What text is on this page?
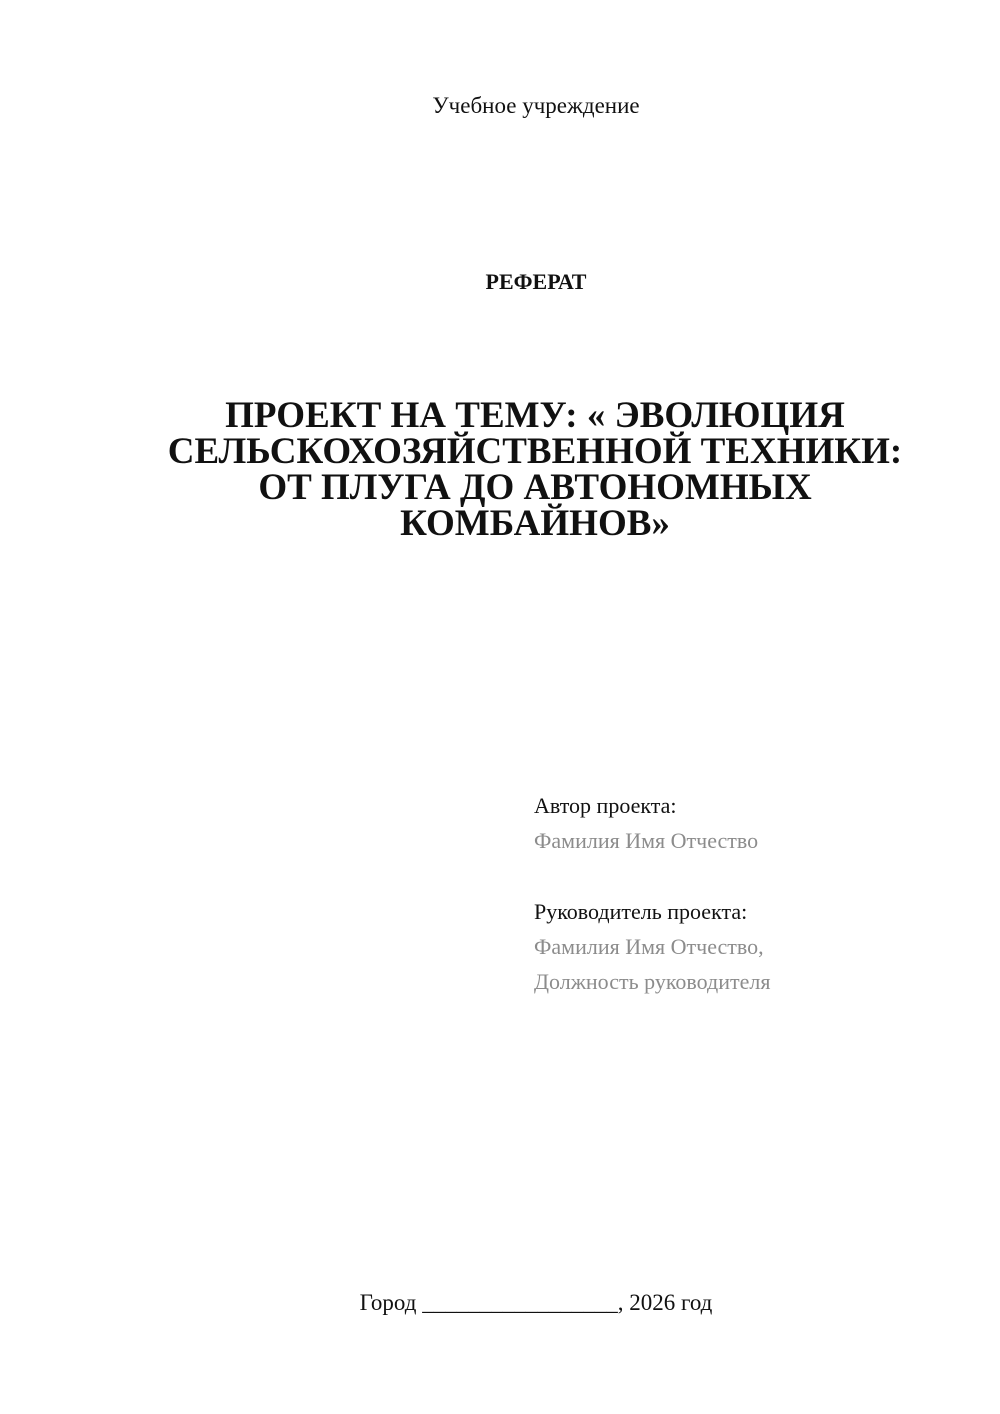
Учебное учреждение
РЕФЕРАТ
ПРОЕКТ НА ТЕМУ: « ЭВОЛЮЦИЯ
СЕЛЬСКОХОЗЯЙСТВЕННОЙ ТЕХНИКИ:
ОТ ПЛУГА ДО АВТОНОМНЫХ
КОМБАЙНОВ»
Автор проекта:
Фамилия Имя Отчество
Руководитель проекта:
Фамилия Имя Отчество,
Должность руководителя
Город _________________, 2026 год
